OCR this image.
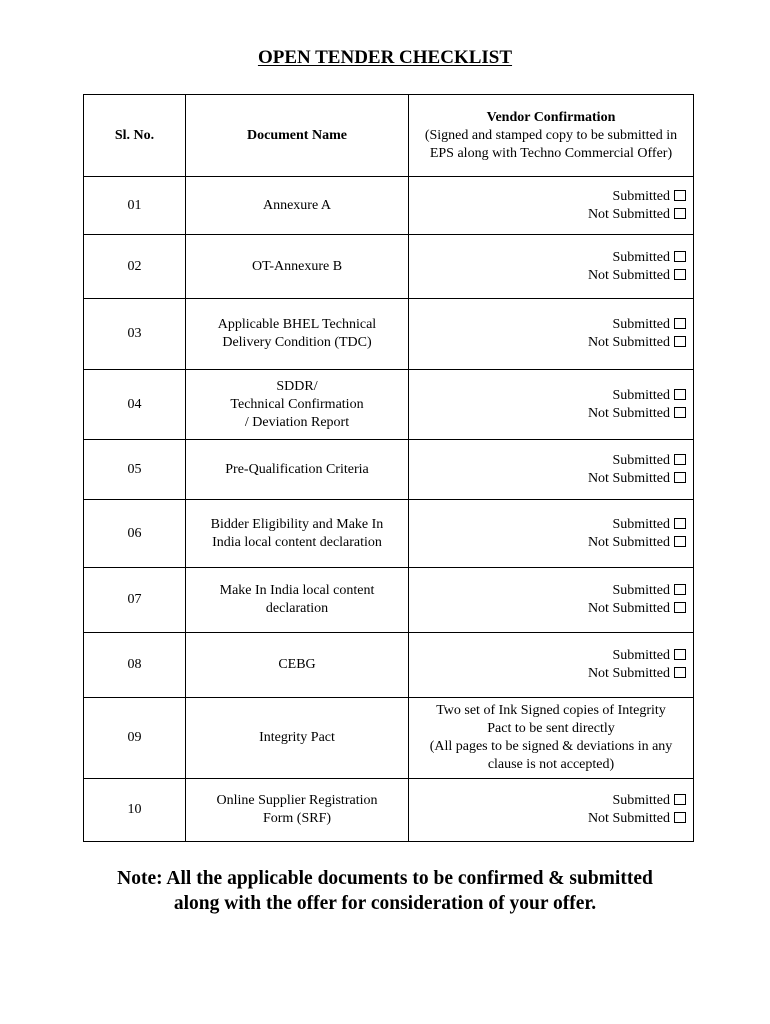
OPEN TENDER CHECKLIST
Sl. No.	Document Name	Vendor Confirmation
(Signed and stamped copy to be submitted in EPS along with Techno Commercial Offer)

01	Annexure A	Submitted
Not Submitted

02	OT-Annexure B	Submitted
Not Submitted

03	Applicable BHEL Technical
Delivery Condition (TDC)	Submitted
Not Submitted

04	SDDR/
Technical Confirmation
/ Deviation Report	Submitted
Not Submitted

05	Pre-Qualification Criteria	Submitted
Not Submitted

06	Bidder Eligibility and Make In
India local content declaration	Submitted
Not Submitted

07	Make In India local content
declaration	Submitted
Not Submitted

08	CEBG	Submitted
Not Submitted

09	Integrity Pact	Two set of Ink Signed copies of Integrity
Pact to be sent directly
(All pages to be signed & deviations in any
clause is not accepted)

10	Online Supplier Registration
Form (SRF)	Submitted
Not Submitted
Note: All the applicable documents to be confirmed & submitted
along with the offer for consideration of your offer.
